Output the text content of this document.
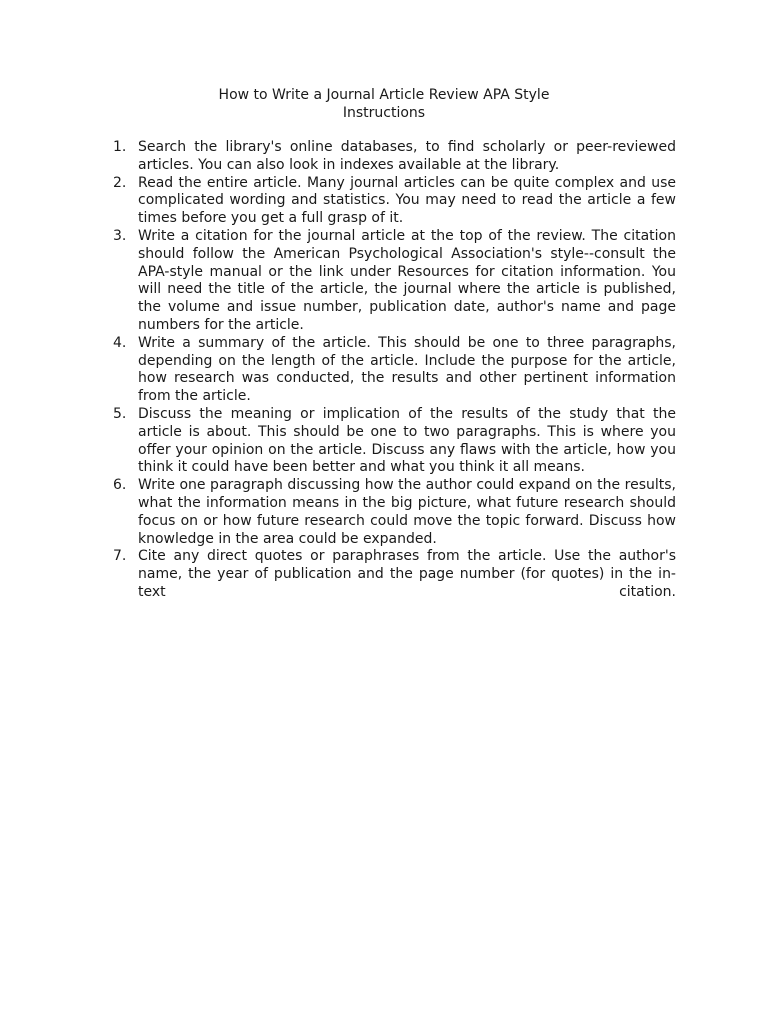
How to Write a Journal Article Review APA Style
Instructions
1. Search the library's online databases, to find scholarly or peer-reviewed articles. You can also look in indexes available at the library.
2. Read the entire article. Many journal articles can be quite complex and use complicated wording and statistics. You may need to read the article a few times before you get a full grasp of it.
3. Write a citation for the journal article at the top of the review. The citation should follow the American Psychological Association's style--consult the APA-style manual or the link under Resources for citation information. You will need the title of the article, the journal where the article is published, the volume and issue number, publication date, author's name and page numbers for the article.
4. Write a summary of the article. This should be one to three paragraphs, depending on the length of the article. Include the purpose for the article, how research was conducted, the results and other pertinent information from the article.
5. Discuss the meaning or implication of the results of the study that the article is about. This should be one to two paragraphs. This is where you offer your opinion on the article. Discuss any flaws with the article, how you think it could have been better and what you think it all means.
6. Write one paragraph discussing how the author could expand on the results, what the information means in the big picture, what future research should focus on or how future research could move the topic forward. Discuss how knowledge in the area could be expanded.
7. Cite any direct quotes or paraphrases from the article. Use the author's name, the year of publication and the page number (for quotes) in the in-text citation.
